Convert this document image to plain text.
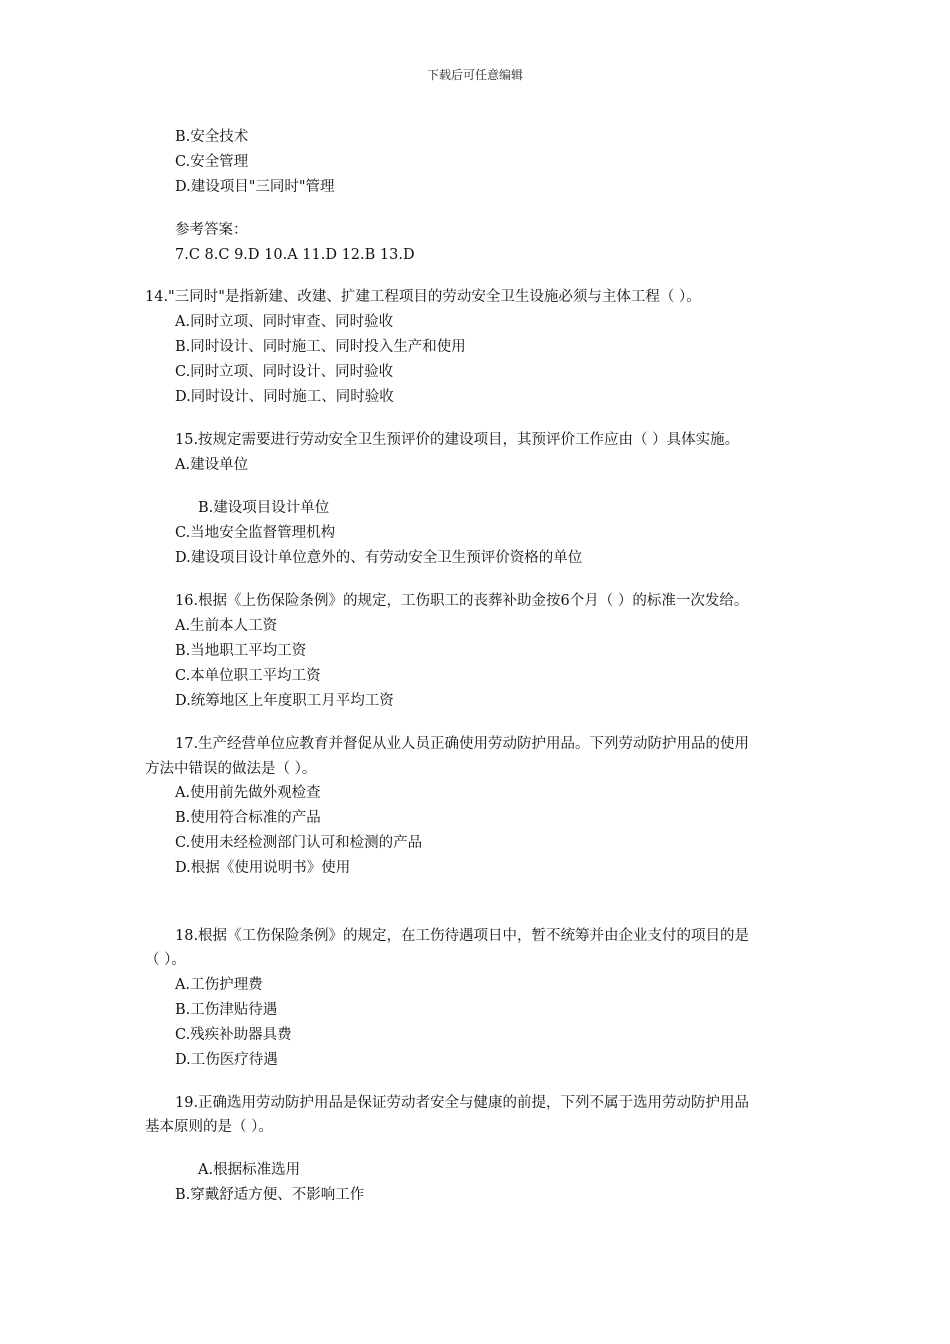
下载后可任意编辑
B.安全技术
C.安全管理
D.建设项目"三同时"管理
参考答案：
7.C 8.C 9.D 10.A 11.D 12.B 13.D
14."三同时"是指新建、改建、扩建工程项目的劳动安全卫生设施必须与主体工程（ ）。
A.同时立项、同时审查、同时验收
B.同时设计、同时施工、同时投入生产和使用
C.同时立项、同时设计、同时验收
D.同时设计、同时施工、同时验收
15.按规定需要进行劳动安全卫生预评价的建设项目，其预评价工作应由（ ）具体实施。
A.建设单位
B.建设项目设计单位
C.当地安全监督管理机构
D.建设项目设计单位意外的、有劳动安全卫生预评价资格的单位
16.根据《上伤保险条例》的规定，工伤职工的丧葬补助金按6个月（ ）的标准一次发给。
A.生前本人工资
B.当地职工平均工资
C.本单位职工平均工资
D.统筹地区上年度职工月平均工资
17.生产经营单位应教育并督促从业人员正确使用劳动防护用品。下列劳动防护用品的使用
方法中错误的做法是（ ）。
A.使用前先做外观检查
B.使用符合标准的产品
C.使用未经检测部门认可和检测的产品
D.根据《使用说明书》使用
18.根据《工伤保险条例》的规定，在工伤待遇项日中，暂不统筹并由企业支付的项目的是
（ ）。
A.工伤护理费
B.工伤津贴待遇
C.残疾补助器具费
D.工伤医疗待遇
19.正确选用劳动防护用品是保证劳动者安全与健康的前提，下列不属于选用劳动防护用品
基本原则的是（ ）。
A.根据标准选用
B.穿戴舒适方便、不影响工作
